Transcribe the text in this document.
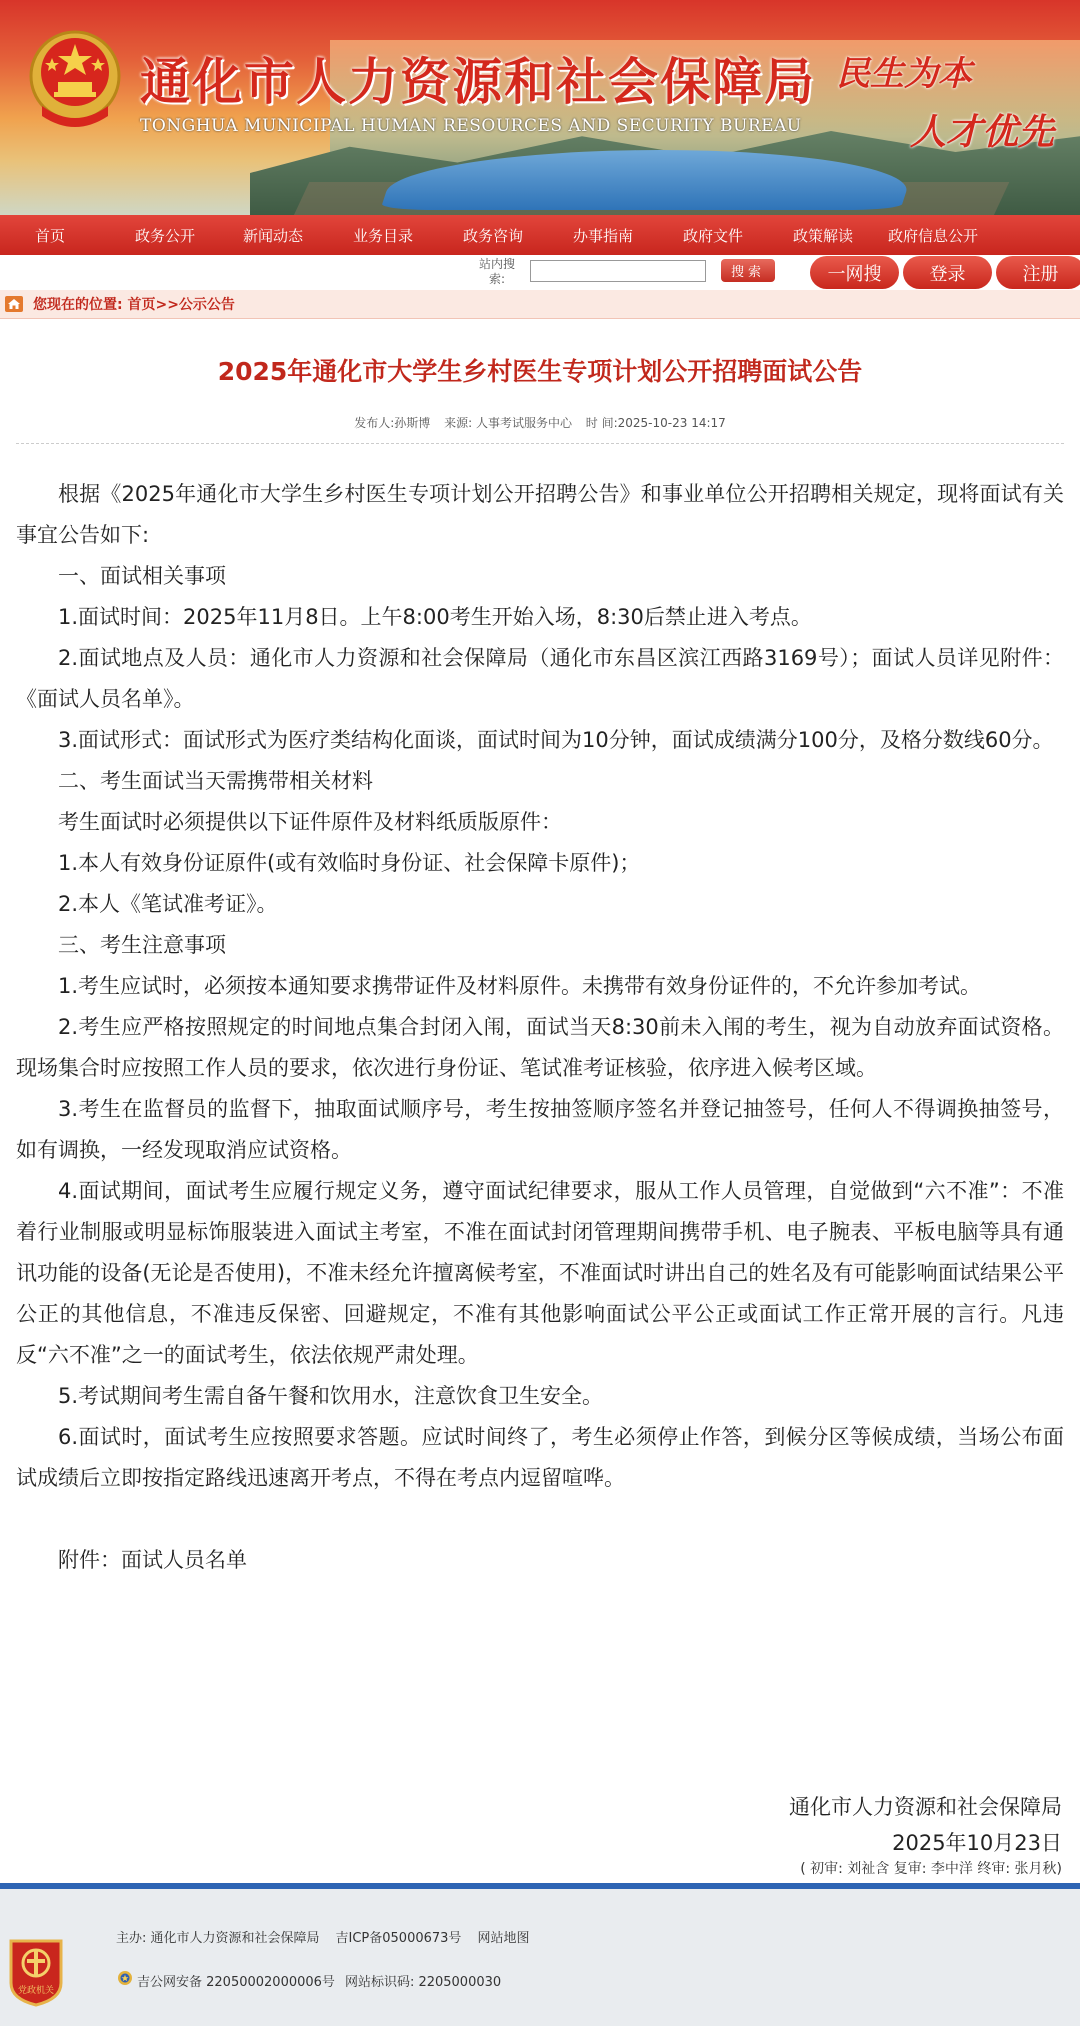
通化市人力资源和社会保障局
TONGHUA MUNICIPAL HUMAN RESOURCES AND SECURITY BUREAU
民生为本
人才优先
首页	政务公开	新闻动态	业务目录	政务咨询	办事指南	政府文件	政策解读	政府信息公开
站内搜索:	搜索	一网搜	登录	注册
您现在的位置: 首页>>公示公告
2025年通化市大学生乡村医生专项计划公开招聘面试公告
发布人:孙斯博 来源: 人事考试服务中心 时 间:2025-10-23 14:17

根据《2025年通化市大学生乡村医生专项计划公开招聘公告》和事业单位公开招聘相关规定，现将面试有关事宜公告如下:

一、面试相关事项

1.面试时间：2025年11月8日。上午8:00考生开始入场，8:30后禁止进入考点。

2.面试地点及人员：通化市人力资源和社会保障局（通化市东昌区滨江西路3169号）；面试人员详见附件：《面试人员名单》。

3.面试形式：面试形式为医疗类结构化面谈，面试时间为10分钟，面试成绩满分100分，及格分数线60分。

二、考生面试当天需携带相关材料

考生面试时必须提供以下证件原件及材料纸质版原件：

1.本人有效身份证原件(或有效临时身份证、社会保障卡原件)；

2.本人《笔试准考证》。

三、考生注意事项

1.考生应试时，必须按本通知要求携带证件及材料原件。未携带有效身份证件的，不允许参加考试。

2.考生应严格按照规定的时间地点集合封闭入闱，面试当天8:30前未入闱的考生，视为自动放弃面试资格。现场集合时应按照工作人员的要求，依次进行身份证、笔试准考证核验，依序进入候考区域。

3.考生在监督员的监督下，抽取面试顺序号，考生按抽签顺序签名并登记抽签号，任何人不得调换抽签号，如有调换，一经发现取消应试资格。

4.面试期间，面试考生应履行规定义务，遵守面试纪律要求，服从工作人员管理，自觉做到“六不准”：不准着行业制服或明显标饰服装进入面试主考室，不准在面试封闭管理期间携带手机、电子腕表、平板电脑等具有通讯功能的设备(无论是否使用)，不准未经允许擅离候考室，不准面试时讲出自己的姓名及有可能影响面试结果公平公正的其他信息，不准违反保密、回避规定，不准有其他影响面试公平公正或面试工作正常开展的言行。凡违反“六不准”之一的面试考生，依法依规严肃处理。

5.考试期间考生需自备午餐和饮用水，注意饮食卫生安全。

6.面试时，面试考生应按照要求答题。应试时间终了，考生必须停止作答，到候分区等候成绩，当场公布面试成绩后立即按指定路线迅速离开考点，不得在考点内逗留喧哗。

附件：面试人员名单

通化市人力资源和社会保障局
2025年10月23日
( 初审: 刘祉含 复审: 李中洋 终审: 张月秋)
党政机关
主办: 通化市人力资源和社会保障局 吉ICP备05000673号 网站地图
吉公网安备 22050002000006号 网站标识码: 2205000030
